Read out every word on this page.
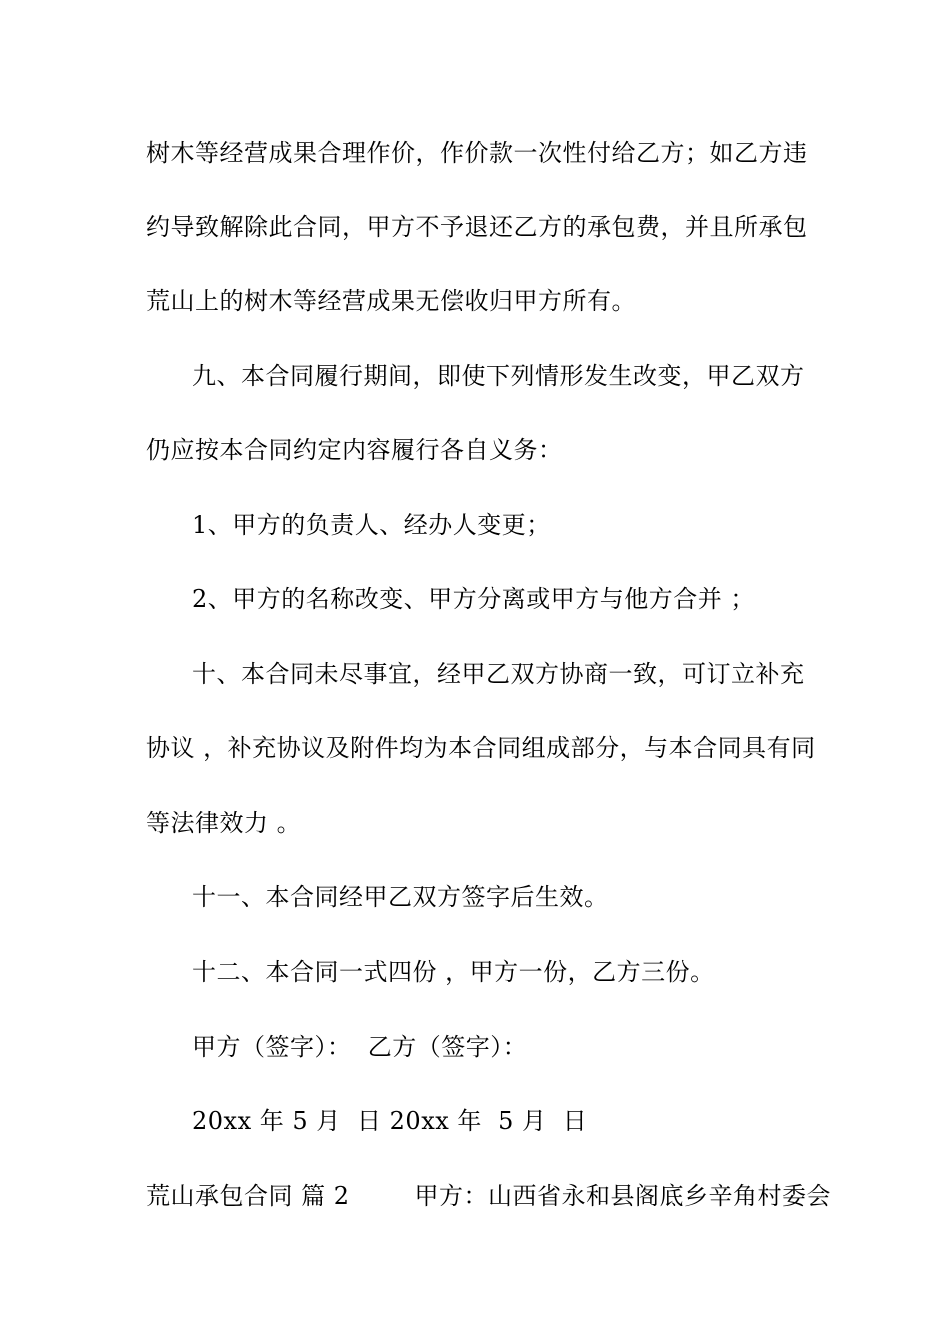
树木等经营成果合理作价，作价款一次性付给乙方；如乙方违
约导致解除此合同，甲方不予退还乙方的承包费，并且所承包
荒山上的树木等经营成果无偿收归甲方所有。
九、本合同履行期间，即使下列情形发生改变，甲乙双方
仍应按本合同约定内容履行各自义务：
1、甲方的负责人、经办人变更；
2、甲方的名称改变、甲方分离或甲方与他方合并 ；
十、本合同未尽事宜，经甲乙双方协商一致，可订立补充
协议 ，补充协议及附件均为本合同组成部分，与本合同具有同
等法律效力 。
十一、本合同经甲乙双方签字后生效。
十二、本合同一式四份 ，甲方一份，乙方三份。
甲方（签字）：  乙方（签字）：
20xx 年 5 月  日 20xx 年  5 月  日
荒山承包合同 篇 2        甲方：山西省永和县阁底乡辛角村委会
